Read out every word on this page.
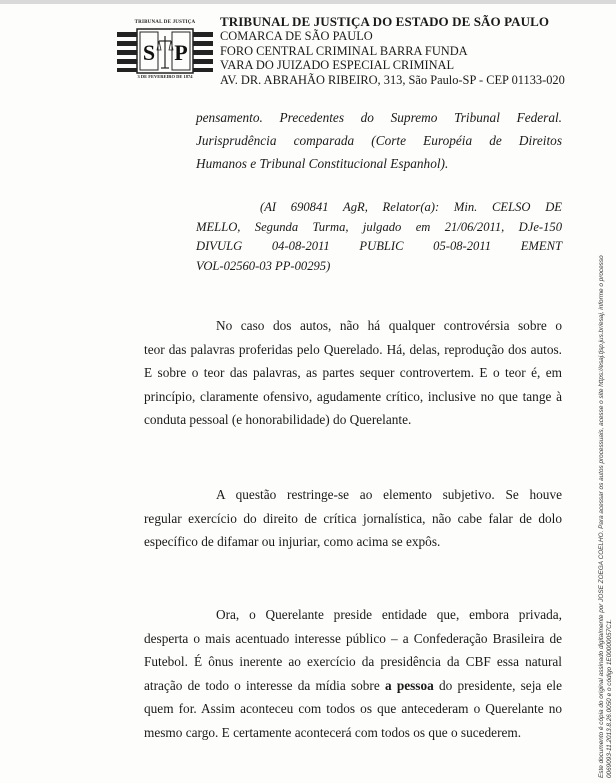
TRIBUNAL DE JUSTIÇA
S P
3 DE FEVEREIRO DE 1874
TRIBUNAL DE JUSTIÇA DO ESTADO DE SÃO PAULO
COMARCA DE SÃO PAULO
FORO CENTRAL CRIMINAL BARRA FUNDA
VARA DO JUIZADO ESPECIAL CRIMINAL
AV. DR. ABRAHÃO RIBEIRO, 313, São Paulo-SP - CEP 01133-020
pensamento. Precedentes do Supremo Tribunal Federal.
Jurisprudência comparada (Corte Européia de Direitos
Humanos e Tribunal Constitucional Espanhol).
(AI 690841 AgR, Relator(a): Min. CELSO DE
MELLO, Segunda Turma, julgado em 21/06/2011, DJe-150
DIVULG 04-08-2011 PUBLIC 05-08-2011 EMENT
VOL-02560-03 PP-00295)
No caso dos autos, não há qualquer controvérsia sobre o
teor das palavras proferidas pelo Querelado. Há, delas, reprodução dos autos.
E sobre o teor das palavras, as partes sequer controvertem. E o teor é, em
princípio, claramente ofensivo, agudamente crítico, inclusive no que tange à
conduta pessoal (e honorabilidade) do Querelante.
A questão restringe-se ao elemento subjetivo. Se houve
regular exercício do direito de crítica jornalística, não cabe falar de dolo
específico de difamar ou injuriar, como acima se expôs.
Ora, o Querelante preside entidade que, embora privada,
desperta o mais acentuado interesse público – a Confederação Brasileira de
Futebol. É ônus inerente ao exercício da presidência da CBF essa natural
atração de todo o interesse da mídia sobre a pessoa do presidente, seja ele
quem for. Assim aconteceu com todos os que antecederam o Querelante no
mesmo cargo. E certamente acontecerá com todos os que o sucederem.	Este documento é cópia do original assinado digitalmente por JOSE ZOEGA COELHO. Para acessar os autos processuais, acesse o site https://esaj.tjsp.jus.br/esaj, informe o processo 0069093-11.2013.8.26.0050 e o código 1E00000057C1.
